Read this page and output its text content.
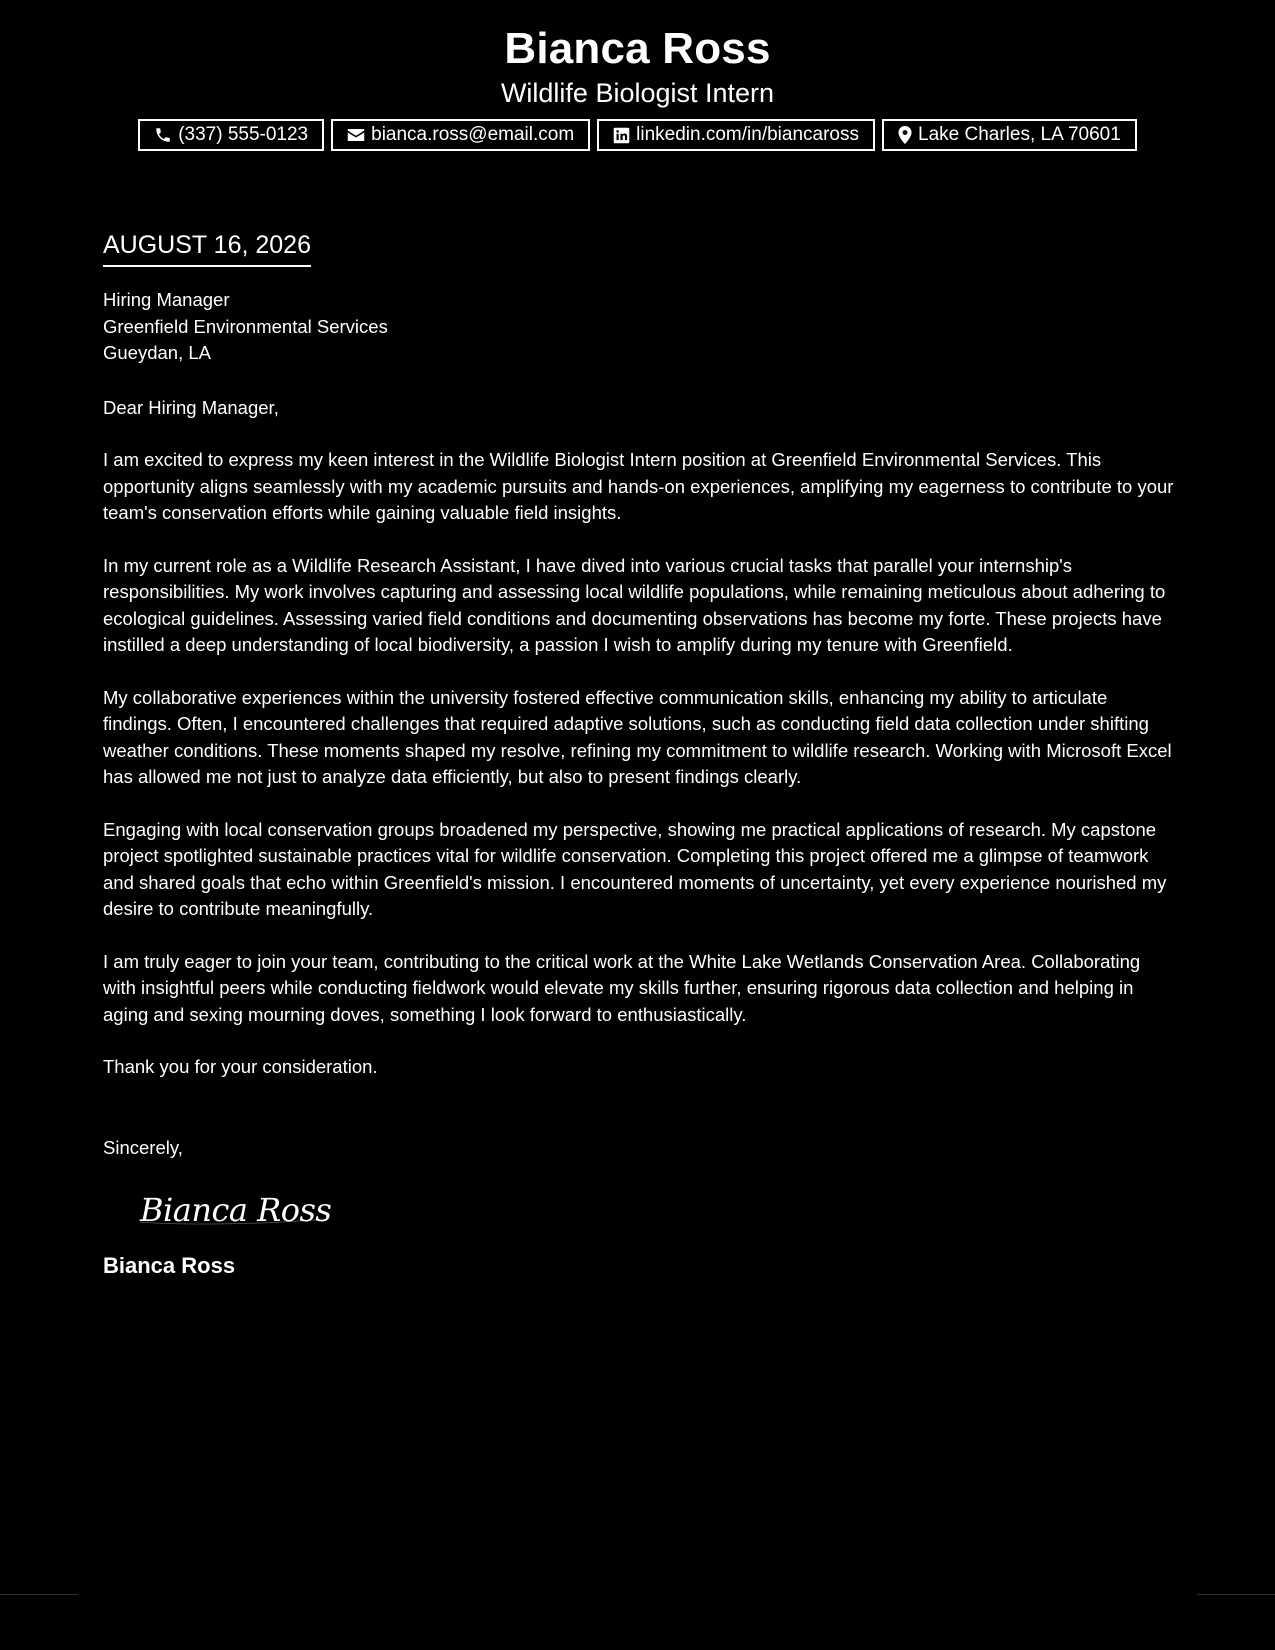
Bianca Ross
Wildlife Biologist Intern
(337) 555-0123	bianca.ross@email.com	linkedin.com/in/biancaross	Lake Charles, LA 70601
AUGUST 16, 2026
Hiring Manager
Greenfield Environmental Services
Gueydan, LA
Dear Hiring Manager,

I am excited to express my keen interest in the Wildlife Biologist Intern position at Greenfield Environmental Services. This opportunity aligns seamlessly with my academic pursuits and hands-on experiences, amplifying my eagerness to contribute to your team's conservation efforts while gaining valuable field insights.

In my current role as a Wildlife Research Assistant, I have dived into various crucial tasks that parallel your internship's responsibilities. My work involves capturing and assessing local wildlife populations, while remaining meticulous about adhering to ecological guidelines. Assessing varied field conditions and documenting observations has become my forte. These projects have instilled a deep understanding of local biodiversity, a passion I wish to amplify during my tenure with Greenfield.

My collaborative experiences within the university fostered effective communication skills, enhancing my ability to articulate findings. Often, I encountered challenges that required adaptive solutions, such as conducting field data collection under shifting weather conditions. These moments shaped my resolve, refining my commitment to wildlife research. Working with Microsoft Excel has allowed me not just to analyze data efficiently, but also to present findings clearly.

Engaging with local conservation groups broadened my perspective, showing me practical applications of research. My capstone project spotlighted sustainable practices vital for wildlife conservation. Completing this project offered me a glimpse of teamwork and shared goals that echo within Greenfield's mission. I encountered moments of uncertainty, yet every experience nourished my desire to contribute meaningfully.

I am truly eager to join your team, contributing to the critical work at the White Lake Wetlands Conservation Area. Collaborating with insightful peers while conducting fieldwork would elevate my skills further, ensuring rigorous data collection and helping in aging and sexing mourning doves, something I look forward to enthusiastically.

Thank you for your consideration.

Sincerely,
Bianca Ross
Bianca Ross
